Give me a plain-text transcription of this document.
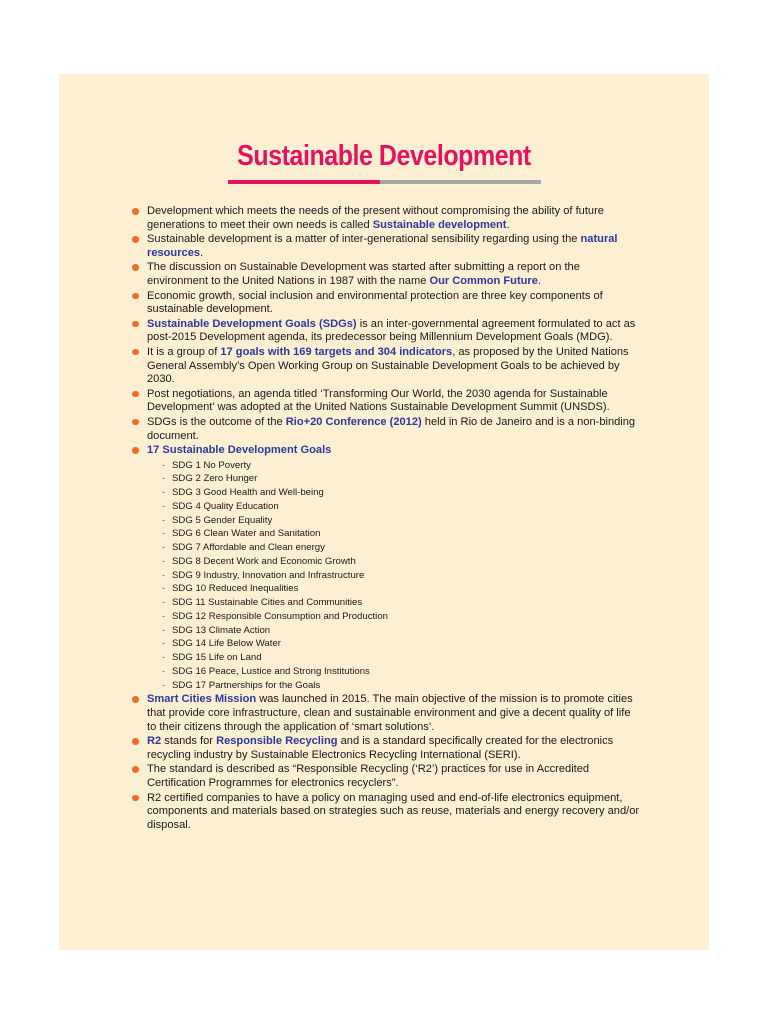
Sustainable Development
Development which meets the needs of the present without compromising the ability of future generations to meet their own needs is called Sustainable development.
Sustainable development is a matter of inter-generational sensibility regarding using the natural resources.
The discussion on Sustainable Development was started after submitting a report on the environment to the United Nations in 1987 with the name Our Common Future.
Economic growth, social inclusion and environmental protection are three key components of sustainable development.
Sustainable Development Goals (SDGs) is an inter-governmental agreement formulated to act as post-2015 Development agenda, its predecessor being Millennium Development Goals (MDG).
It is a group of 17 goals with 169 targets and 304 indicators, as proposed by the United Nations General Assembly’s Open Working Group on Sustainable Development Goals to be achieved by 2030.
Post negotiations, an agenda titled ‘Transforming Our World, the 2030 agenda for Sustainable Development’ was adopted at the United Nations Sustainable Development Summit (UNSDS).
SDGs is the outcome of the Rio+20 Conference (2012) held in Rio de Janeiro and is a non-binding document.
17 Sustainable Development Goals
- SDG 1 No Poverty
- SDG 2 Zero Hunger
- SDG 3 Good Health and Well-being
- SDG 4 Quality Education
- SDG 5 Gender Equality
- SDG 6 Clean Water and Sanitation
- SDG 7 Affordable and Clean energy
- SDG 8 Decent Work and Economic Growth
- SDG 9 Industry, Innovation and Infrastructure
- SDG 10 Reduced Inequalities
- SDG 11 Sustainable Cities and Communities
- SDG 12 Responsible Consumption and Production
- SDG 13 Climate Action
- SDG 14 Life Below Water
- SDG 15 Life on Land
- SDG 16 Peace, Lustice and Strong Institutions
- SDG 17 Partnerships for the Goals
Smart Cities Mission was launched in 2015. The main objective of the mission is to promote cities that provide core infrastructure, clean and sustainable environment and give a decent quality of life to their citizens through the application of ‘smart solutions’.
R2 stands for Responsible Recycling and is a standard specifically created for the electronics recycling industry by Sustainable Electronics Recycling International (SERI).
The standard is described as “Responsible Recycling (‘R2’) practices for use in Accredited Certification Programmes for electronics recyclers”.
R2 certified companies to have a policy on managing used and end-of-life electronics equipment, components and materials based on strategies such as reuse, materials and energy recovery and/or disposal.
